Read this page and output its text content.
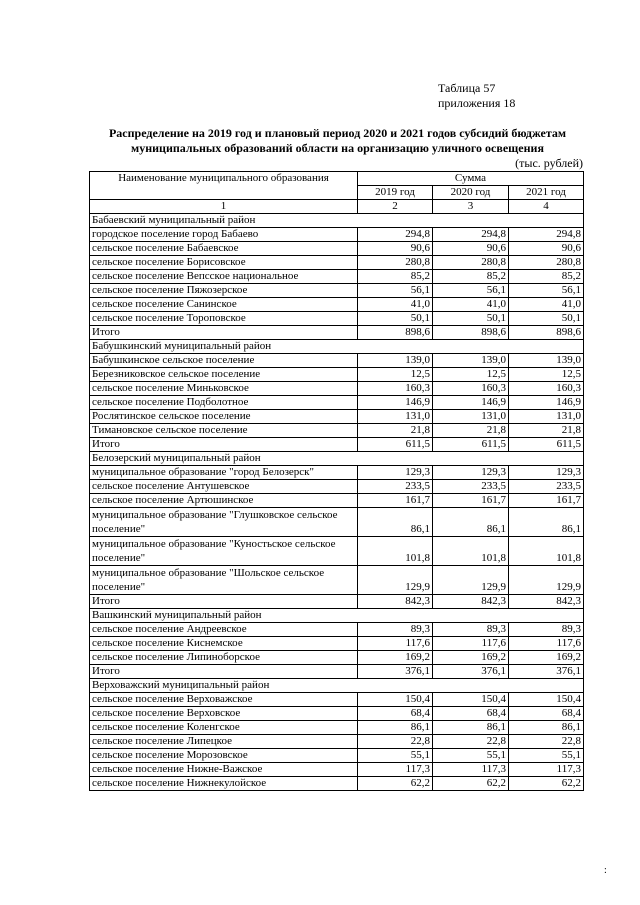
Таблица 57
приложения 18
Распределение на 2019 год и плановый период 2020 и 2021 годов субсидий бюджетам
муниципальных образований области на организацию уличного освещения
(тыс. рублей)
Наименование муниципального образования	Сумма		
	2019 год	2020 год	2021 год
1	2	3	4
Бабаевский муниципальный район			
городское поселение город Бабаево	294,8	294,8	294,8
сельское поселение Бабаевское	90,6	90,6	90,6
сельское поселение Борисовское	280,8	280,8	280,8
сельское поселение Вепсское национальное	85,2	85,2	85,2
сельское поселение Пяжозерское	56,1	56,1	56,1
сельское поселение Санинское	41,0	41,0	41,0
сельское поселение Тороповское	50,1	50,1	50,1
Итого	898,6	898,6	898,6
Бабушкинский муниципальный район			
Бабушкинское сельское поселение	139,0	139,0	139,0
Березниковское сельское поселение	12,5	12,5	12,5
сельское поселение Миньковское	160,3	160,3	160,3
сельское поселение Подболотное	146,9	146,9	146,9
Рослятинское сельское поселение	131,0	131,0	131,0
Тимановское сельское поселение	21,8	21,8	21,8
Итого	611,5	611,5	611,5
Белозерский муниципальный район			
муниципальное образование "город Белозерск"	129,3	129,3	129,3
сельское поселение Антушевское	233,5	233,5	233,5
сельское поселение Артюшинское	161,7	161,7	161,7
муниципальное образование "Глушковское сельское поселение"	86,1	86,1	86,1
муниципальное образование "Куностьское сельское поселение"	101,8	101,8	101,8
муниципальное образование "Шольское сельское поселение"	129,9	129,9	129,9
Итого	842,3	842,3	842,3
Вашкинский муниципальный район			
сельское поселение Андреевское	89,3	89,3	89,3
сельское поселение Киснемское	117,6	117,6	117,6
сельское поселение Липиноборское	169,2	169,2	169,2
Итого	376,1	376,1	376,1
Верховажский муниципальный район			
сельское поселение Верховажское	150,4	150,4	150,4
сельское поселение Верховское	68,4	68,4	68,4
сельское поселение Коленгское	86,1	86,1	86,1
сельское поселение Липецкое	22,8	22,8	22,8
сельское поселение Морозовское	55,1	55,1	55,1
сельское поселение Нижне-Важское	117,3	117,3	117,3
сельское поселение Нижнекулойское	62,2	62,2	62,2
:
